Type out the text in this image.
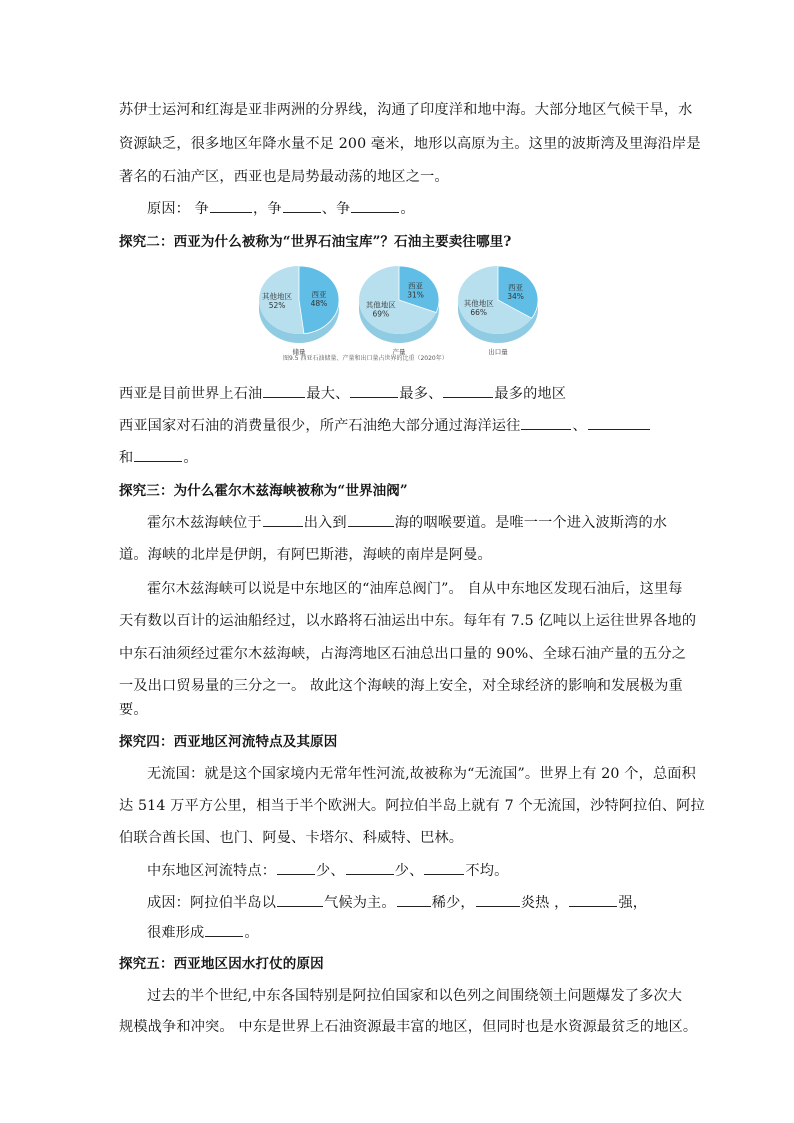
苏伊士运河和红海是亚非两洲的分界线，沟通了印度洋和地中海。大部分地区气候干旱，水
资源缺乏，很多地区年降水量不足 200 毫米，地形以高原为主。这里的波斯湾及里海沿岸是
著名的石油产区，西亚也是局势最动荡的地区之一。
原因： 争	，争	、争	。
探究二：西亚为什么被称为“世界石油宝库”？石油主要卖往哪里?
西亚
48%
其他地区
52%
储量
西亚
31%
其他地区
69%
产量
西亚
34%
其他地区
66%
出口量
图9.5 西亚石油储量、产量和出口量占世界的比重（2020年）
西亚是目前世界上石油	最大、	最多、	最多的地区
西亚国家对石油的消费量很少，所产石油绝大部分通过海洋运往	、
和	。
探究三：为什么霍尔木兹海峡被称为“世界油阀”
霍尔木兹海峡位于	出入到	海的咽喉要道。是唯一一个进入波斯湾的水
道。海峡的北岸是伊朗，有阿巴斯港，海峡的南岸是阿曼。
霍尔木兹海峡可以说是中东地区的“油库总阀门”。 自从中东地区发现石油后，这里每
天有数以百计的运油船经过，以水路将石油运出中东。每年有 7.5 亿吨以上运往世界各地的
中东石油须经过霍尔木兹海峡，占海湾地区石油总出口量的 90%、全球石油产量的五分之
一及出口贸易量的三分之一。 故此这个海峡的海上安全，对全球经济的影响和发展极为重
要。
探究四：西亚地区河流特点及其原因
无流国：就是这个国家境内无常年性河流,故被称为“无流国”。世界上有 20 个，总面积
达 514 万平方公里，相当于半个欧洲大。阿拉伯半岛上就有 7 个无流国，沙特阿拉伯、阿拉
伯联合酋长国、也门、阿曼、卡塔尔、科威特、巴林。
中东地区河流特点：	少、	少、	不均。
成因：阿拉伯半岛以	气候为主。	稀少，	炎热 ，	强，
很难形成	。
探究五：西亚地区因水打仗的原因
过去的半个世纪,中东各国特别是阿拉伯国家和以色列之间围绕领土问题爆发了多次大
规模战争和冲突。 中东是世界上石油资源最丰富的地区，但同时也是水资源最贫乏的地区。
